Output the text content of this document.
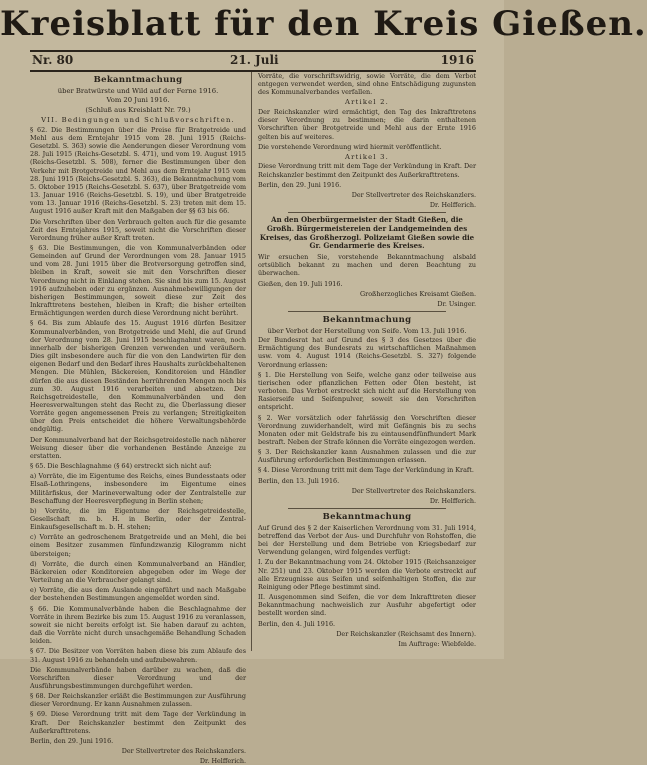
Kreisblatt für den Kreis Gießen.
Nr. 80	21. Juli	1916

Bekanntmachung

über Bratwürste und Wild auf der Ferne 1916.

Vom 20 Juni 1916.

(Schluß aus Kreisblatt Nr. 79.)

VII. Bedingungen und Schlußvorschriften.

§ 62. Die Bestimmungen über die Preise für Bratgetreide und Mehl aus dem Erntejahr 1915 vom 28. Juni 1915 (Reichs-Gesetzbl. S. 363) sowie die Aenderungen dieser Verordnung vom 28. Juli 1915 (Reichs-Gesetzbl. S. 471), und vom 19. August 1915 (Reichs-Gesetzbl. S. 508), ferner die Bestimmungen über den Verkehr mit Brotgetreide und Mehl aus dem Erntejahr 1915 vom 28. Juni 1915 (Reichs-Gesetzbl. S. 363), die Bekanntmachung vom 5. Oktober 1915 (Reichs-Gesetzbl. S. 637), über Bratgetreide vom 13. Januar 1916 (Reichs-Gesetzbl. S. 19), und über Bratgetreide vom 13. Januar 1916 (Reichs-Gesetzbl. S. 23) treten mit dem 15. August 1916 außer Kraft mit den Maßgaben der §§ 63 bis 66.

Die Vorschriften über den Verbrauch gelten auch für die gesamte Zeit des Erntejahres 1915, soweit nicht die Vorschriften dieser Verordnung früher außer Kraft treten.

§ 63. Die Bestimmungen, die von Kommunalverbänden oder Gemeinden auf Grund der Verordnungen vom 28. Januar 1915 und vom 28. Juni 1915 über die Brotversorgung getroffen sind, bleiben in Kraft, soweit sie mit den Vorschriften dieser Verordnung nicht in Einklang stehen. Sie sind bis zum 15. August 1916 aufzuheben oder zu ergänzen. Ausnahmebewilligungen der bisherigen Bestimmungen, soweit diese zur Zeit des Inkrafttretens bestehen, bleiben in Kraft; die bisher erteilten Ermächtigungen werden durch diese Verordnung nicht berührt.

§ 64. Bis zum Ablaufe des 15. August 1916 dürfen Besitzer Kommunalverbänden, von Brotgetreide und Mehl, die auf Grund der Verordnung vom 28. Juni 1915 beschlagnahmt waren, noch innerhalb der bisherigen Grenzen verwenden und veräußern. Dies gilt insbesondere auch für die von den Landwirten für den eigenen Bedarf und den Bedarf ihres Haushalts zurückbehaltenen Mengen. Die Mühlen, Bäckereien, Konditoreien und Händler dürfen die aus diesen Beständen herrührenden Mengen noch bis zum 30. August 1916 verarbeiten und absetzen. Der Reichsgetreidestelle, den Kommunalverbänden und den Heeresverwaltungen steht das Recht zu, die Überlassung dieser Vorräte gegen angemessenen Preis zu verlangen; Streitigkeiten über den Preis entscheidet die höhere Verwaltungsbehörde endgültig.

Der Kommunalverband hat der Reichsgetreidestelle nach näherer Weisung dieser über die vorhandenen Bestände Anzeige zu erstatten.

§ 65. Die Beschlagnahme (§ 64) erstreckt sich nicht auf:

a) Vorräte, die im Eigentume des Reichs, eines Bundesstaats oder Elsaß-Lothringens, insbesondere im Eigentume eines Militärfiskus, der Marineverwaltung oder der Zentralstelle zur Beschaffung der Heeresverpflegung in Berlin stehen;

b) Vorräte, die im Eigentume der Reichsgetreidestelle, Gesellschaft m. b. H. in Berlin, oder der Zentral-Einkaufsgesellschaft m. b. H. stehen;

c) Vorräte an gedroschenem Bratgetreide und an Mehl, die bei einem Besitzer zusammen fünfundzwanzig Kilogramm nicht übersteigen;

d) Vorräte, die durch einen Kommunalverband an Händler, Bäckereien oder Konditoreien abgegeben oder im Wege der Verteilung an die Verbraucher gelangt sind.

e) Vorräte, die aus dem Auslande eingeführt und nach Maßgabe der bestehenden Bestimmungen angemeldet worden sind.

§ 66. Die Kommunalverbände haben die Beschlagnahme der Vorräte in ihrem Bezirke bis zum 15. August 1916 zu veranlassen, soweit sie nicht bereits erfolgt ist. Sie haben darauf zu achten, daß die Vorräte nicht durch unsachgemäße Behandlung Schaden leiden.

§ 67. Die Besitzer von Vorräten haben diese bis zum Ablaufe des 31. August 1916 zu behandeln und aufzubewahren.

Die Kommunalverbände haben darüber zu wachen, daß die Vorschriften dieser Verordnung und der Ausführungsbestimmungen durchgeführt werden.

§ 68. Der Reichskanzler erläßt die Bestimmungen zur Ausführung dieser Verordnung. Er kann Ausnahmen zulassen.

§ 69. Diese Verordnung tritt mit dem Tage der Verkündung in Kraft. Der Reichskanzler bestimmt den Zeitpunkt des Außerkrafttretens.

Berlin, den 29. Juni 1916.

Der Stellvertreter des Reichskanzlers.

Dr. Helfferich.

Vorräte, die vorschriftswidrig, sowie Vorräte, die dem Verbot entgegen verwendet werden, sind ohne Entschädigung zugunsten des Kommunalverbandes verfallen.

Artikel 2.

Der Reichskanzler wird ermächtigt, den Tag des Inkrafttretens dieser Verordnung zu bestimmen; die darin enthaltenen Vorschriften über Brotgetreide und Mehl aus der Ernte 1916 gelten bis auf weiteres.

Die vorstehende Verordnung wird hiermit veröffentlicht.

Artikel 3.

Diese Verordnung tritt mit dem Tage der Verkündung in Kraft. Der Reichskanzler bestimmt den Zeitpunkt des Außerkrafttretens.

Berlin, den 29. Juni 1916.

Der Stellvertreter des Reichskanzlers.

Dr. Helfferich.

An den Oberbürgermeister der Stadt Gießen, die Großh. Bürgermeistereien der Landgemeinden des Kreises, das Großherzogl. Polizeiamt Gießen sowie die Gr. Gendarmerie des Kreises.

Wir ersuchen Sie, vorstehende Bekanntmachung alsbald ortsüblich bekannt zu machen und deren Beachtung zu überwachen.

Gießen, den 19. Juli 1916.

Großherzogliches Kreisamt Gießen.

Dr. Usinger.

Bekanntmachung

über Verbot der Herstellung von Seife. Vom 13. Juli 1916.

Der Bundesrat hat auf Grund des § 3 des Gesetzes über die Ermächtigung des Bundesrats zu wirtschaftlichen Maßnahmen usw. vom 4. August 1914 (Reichs-Gesetzbl. S. 327) folgende Verordnung erlassen:

§ 1. Die Herstellung von Seife, welche ganz oder teilweise aus tierischen oder pflanzlichen Fetten oder Ölen besteht, ist verboten. Das Verbot erstreckt sich nicht auf die Herstellung von Rasierseife und Seifenpulver, soweit sie den Vorschriften entspricht.

§ 2. Wer vorsätzlich oder fahrlässig den Vorschriften dieser Verordnung zuwiderhandelt, wird mit Gefängnis bis zu sechs Monaten oder mit Geldstrafe bis zu eintausendfünfhundert Mark bestraft. Neben der Strafe können die Vorräte eingezogen werden.

§ 3. Der Reichskanzler kann Ausnahmen zulassen und die zur Ausführung erforderlichen Bestimmungen erlassen.

§ 4. Diese Verordnung tritt mit dem Tage der Verkündung in Kraft.

Berlin, den 13. Juli 1916.

Der Stellvertreter des Reichskanzlers.

Dr. Helfferich.

Bekanntmachung

Auf Grund des § 2 der Kaiserlichen Verordnung vom 31. Juli 1914, betreffend das Verbot der Aus- und Durchfuhr von Rohstoffen, die bei der Herstellung und dem Betriebe von Kriegsbedarf zur Verwendung gelangen, wird folgendes verfügt:

I. Zu der Bekanntmachung vom 24. Oktober 1915 (Reichsanzeiger Nr. 251) und 23. Oktober 1915 werden die Verbote erstreckt auf alle Erzeugnisse aus Seifen und seifenhaltigen Stoffen, die zur Reinigung oder Pflege bestimmt sind.

II. Ausgenommen sind Seifen, die vor dem Inkrafttreten dieser Bekanntmachung nachweislich zur Ausfuhr abgefertigt oder bestellt worden sind.

Berlin, den 4. Juli 1916.

Der Reichskanzler (Reichsamt des Innern).

Im Auftrage: Wiebfelde.
